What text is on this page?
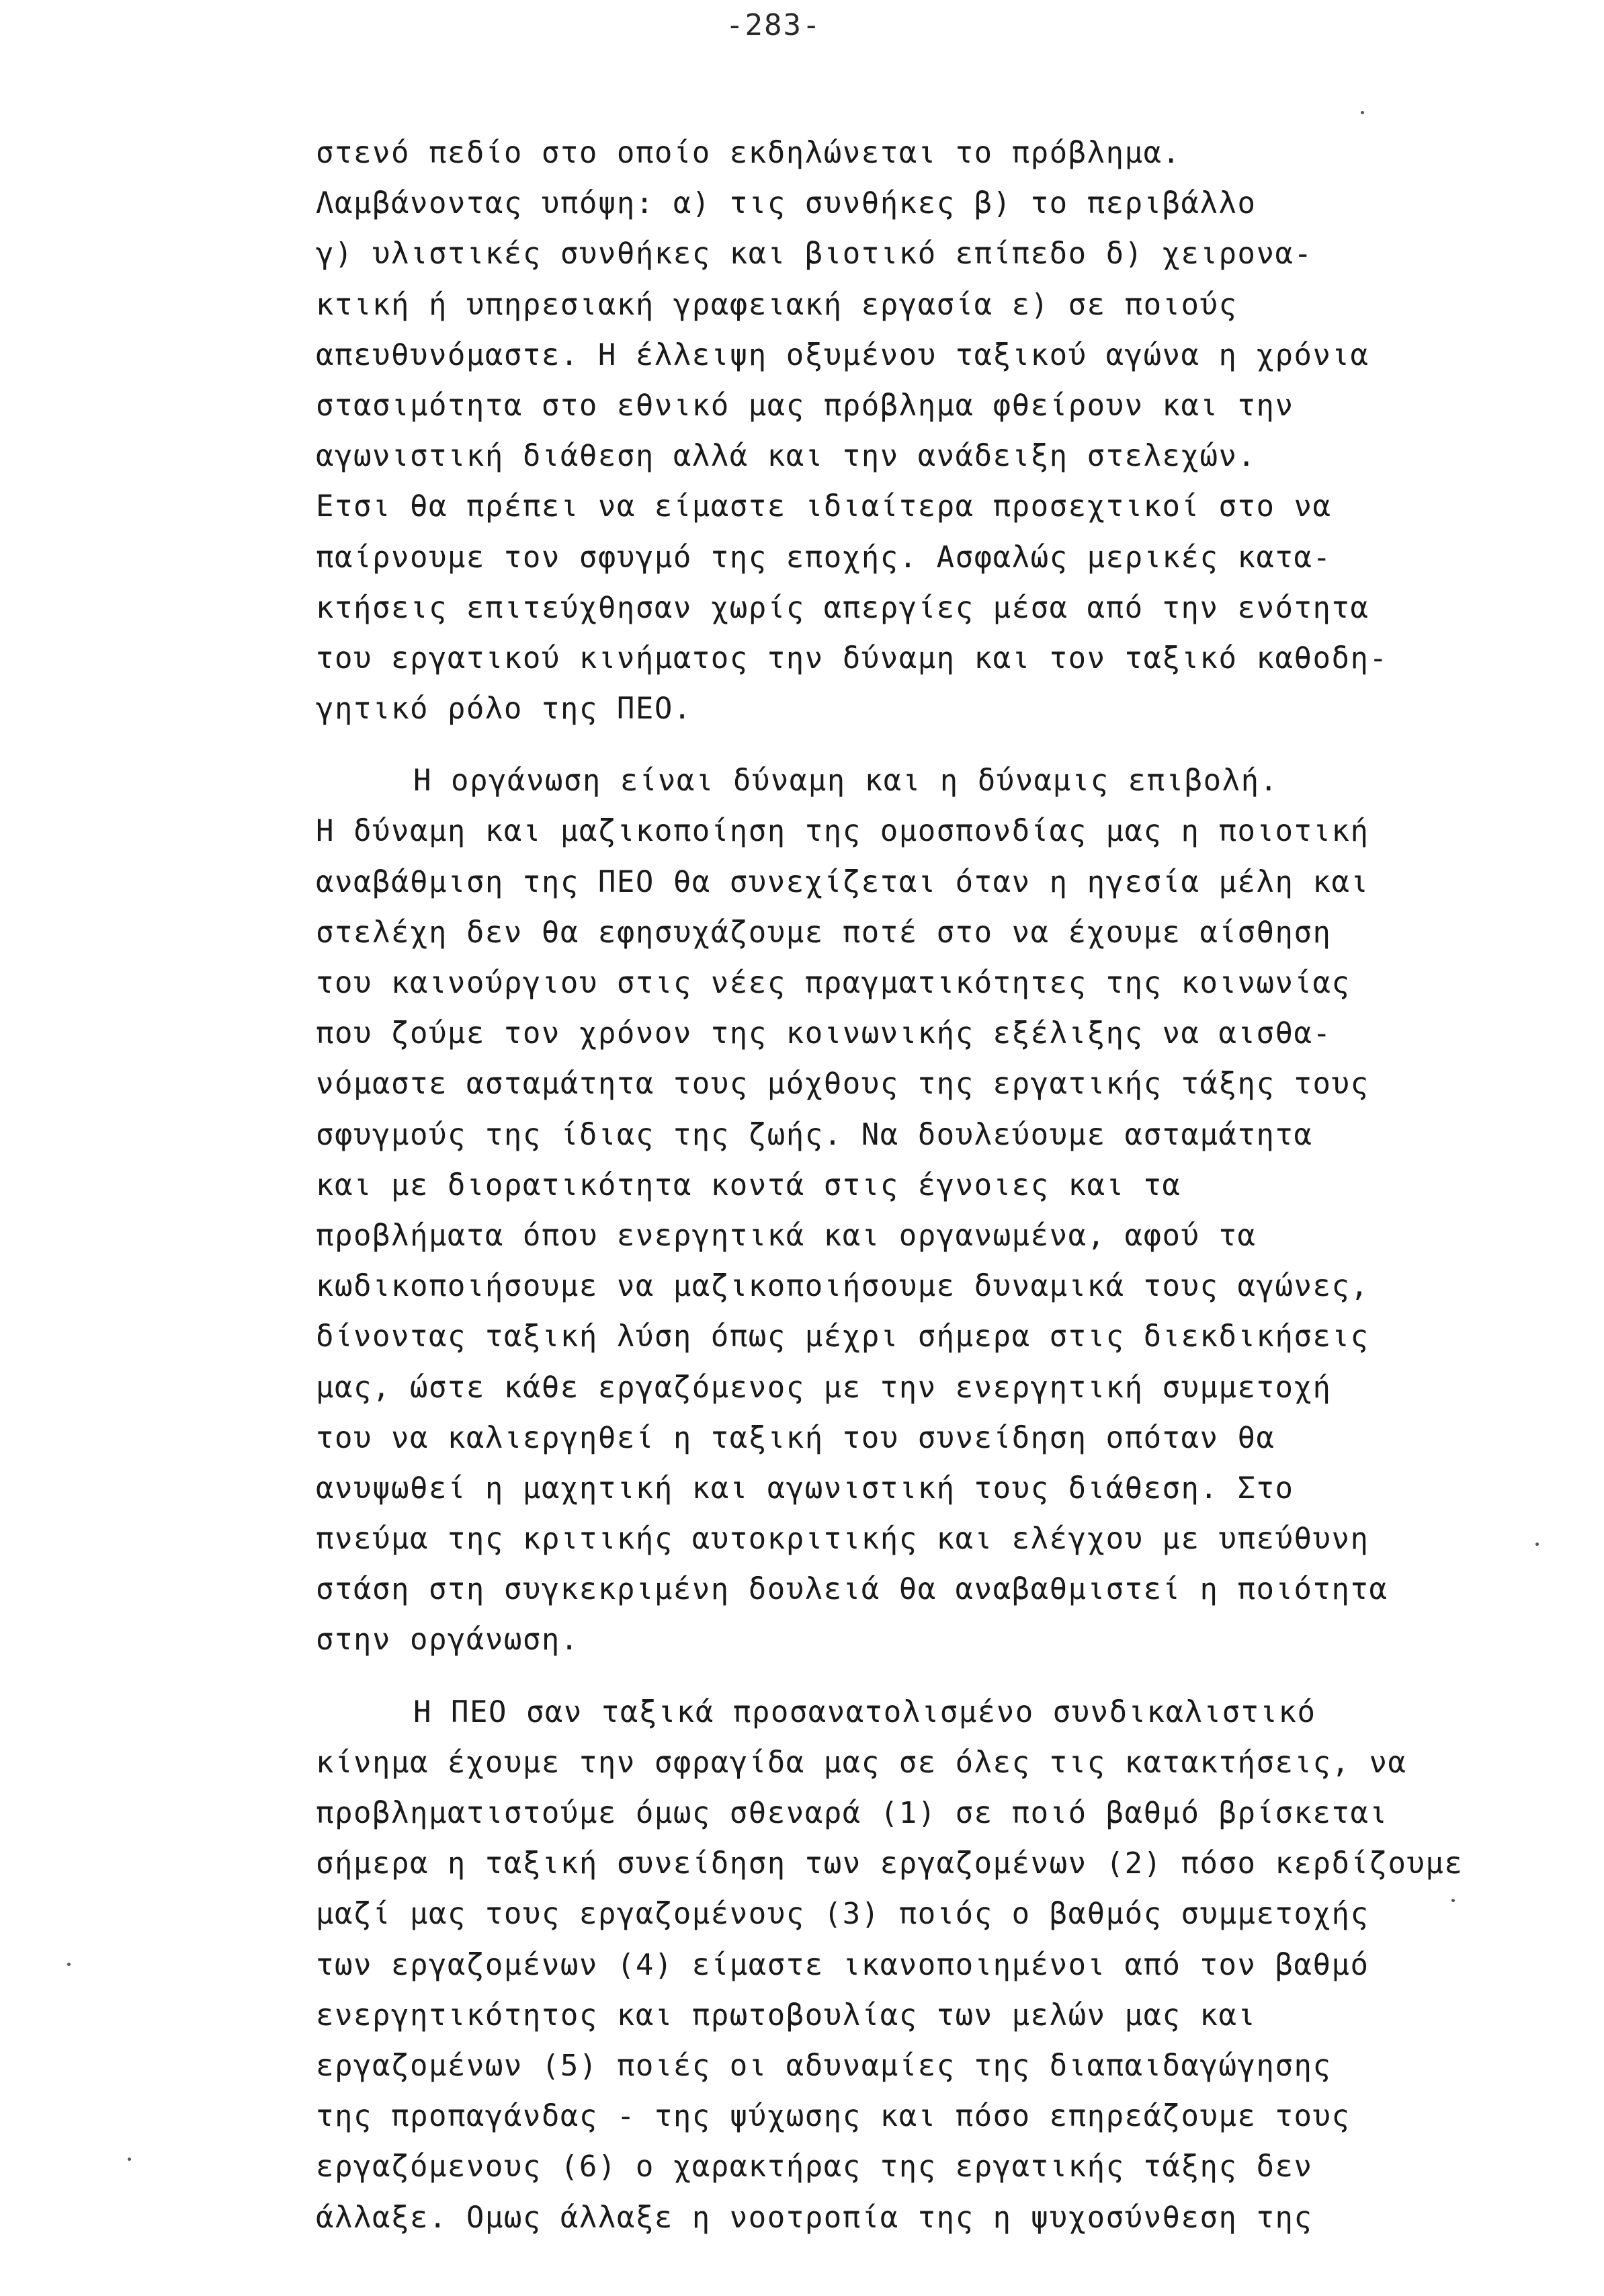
-283-
στενό πεδίο στο οποίο εκδηλώνεται το πρόβλημα.
Λαμβάνοντας υπόψη: α) τις συνθήκες β) το περιβάλλο
γ) υλιστικές συνθήκες και βιοτικό επίπεδο δ) χειρονα-
κτική ή υπηρεσιακή γραφειακή εργασία ε) σε ποιούς
απευθυνόμαστε. Η έλλειψη οξυμένου ταξικού αγώνα η χρόνια
στασιμότητα στο εθνικό μας πρόβλημα φθείρουν και την
αγωνιστική διάθεση αλλά και την ανάδειξη στελεχών.
Ετσι θα πρέπει να είμαστε ιδιαίτερα προσεχτικοί στο να
παίρνουμε τον σφυγμό της εποχής. Ασφαλώς μερικές κατα-
κτήσεις επιτεύχθησαν χωρίς απεργίες μέσα από την ενότητα
του εργατικού κινήματος την δύναμη και τον ταξικό καθοδη-
γητικό ρόλο της ΠΕΟ.
Η οργάνωση είναι δύναμη και η δύναμις επιβολή.
Η δύναμη και μαζικοποίηση της ομοσπονδίας μας η ποιοτική
αναβάθμιση της ΠΕΟ θα συνεχίζεται όταν η ηγεσία μέλη και
στελέχη δεν θα εφησυχάζουμε ποτέ στο να έχουμε αίσθηση
του καινούργιου στις νέες πραγματικότητες της κοινωνίας
που ζούμε τον χρόνον της κοινωνικής εξέλιξης να αισθα-
νόμαστε ασταμάτητα τους μόχθους της εργατικής τάξης τους
σφυγμούς της ίδιας της ζωής. Να δουλεύουμε ασταμάτητα
και με διορατικότητα κοντά στις έγνοιες και τα
προβλήματα όπου ενεργητικά και οργανωμένα, αφού τα
κωδικοποιήσουμε να μαζικοποιήσουμε δυναμικά τους αγώνες,
δίνοντας ταξική λύση όπως μέχρι σήμερα στις διεκδικήσεις
μας, ώστε κάθε εργαζόμενος με την ενεργητική συμμετοχή
του να καλιεργηθεί η ταξική του συνείδηση οπόταν θα
ανυψωθεί η μαχητική και αγωνιστική τους διάθεση. Στο
πνεύμα της κριτικής αυτοκριτικής και ελέγχου με υπεύθυνη
στάση στη συγκεκριμένη δουλειά θα αναβαθμιστεί η ποιότητα
στην οργάνωση.
Η ΠΕΟ σαν ταξικά προσανατολισμένο συνδικαλιστικό
κίνημα έχουμε την σφραγίδα μας σε όλες τις κατακτήσεις, να
προβληματιστούμε όμως σθεναρά (1) σε ποιό βαθμό βρίσκεται
σήμερα η ταξική συνείδηση των εργαζομένων (2) πόσο κερδίζουμε
μαζί μας τους εργαζομένους (3) ποιός ο βαθμός συμμετοχής
των εργαζομένων (4) είμαστε ικανοποιημένοι από τον βαθμό
ενεργητικότητος και πρωτοβουλίας των μελών μας και
εργαζομένων (5) ποιές οι αδυναμίες της διαπαιδαγώγησης
της προπαγάνδας - της ψύχωσης και πόσο επηρεάζουμε τους
εργαζόμενους (6) ο χαρακτήρας της εργατικής τάξης δεν
άλλαξε. Ομως άλλαξε η νοοτροπία της η ψυχοσύνθεση της
